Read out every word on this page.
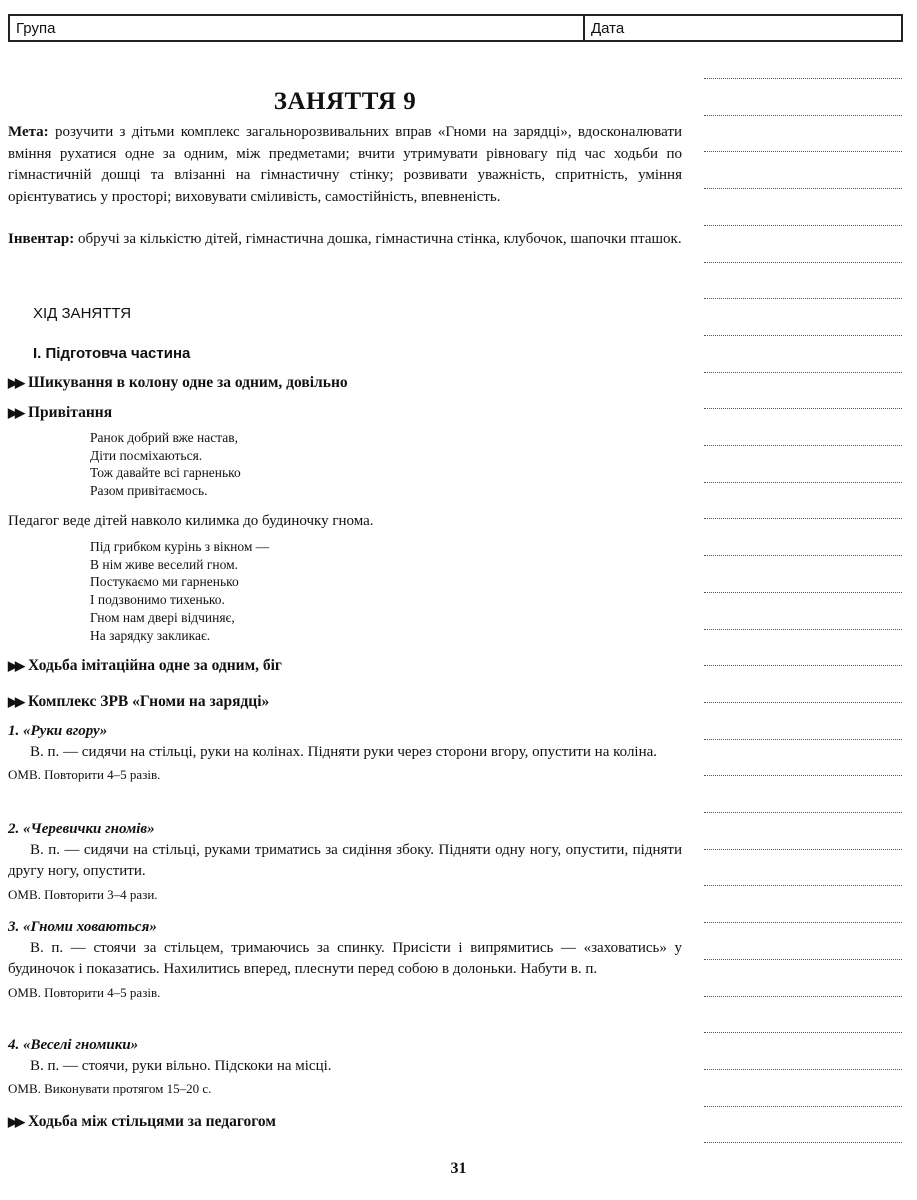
Група	Дата
ЗАНЯТТЯ 9
Мета: розучити з дітьми комплекс загальнорозвивальних вправ «Гноми на зарядці», вдосконалювати вміння рухатися одне за одним, між предметами; вчити утримувати рівновагу під час ходьби по гімнастичній дошці та влізанні на гімнастичну стінку; розвивати уважність, спритність, уміння орієнтуватись у просторі; виховувати сміливість, самостійність, впевненість.
Інвентар: обручі за кількістю дітей, гімнастична дошка, гімнастична стінка, клубочок, шапочки пташок.
ХІД ЗАНЯТТЯ
І. Підготовча частина
▶▶ Шикування в колону одне за одним, довільно
▶▶ Привітання
Ранок добрий вже настав,
Діти посміхаються.
Тож давайте всі гарненько
Разом привітаємось.
Педагог веде дітей навколо килимка до будиночку гнома.
Під грибком курінь з вікном —
В нім живе веселий гном.
Постукаємо ми гарненько
І подзвонимо тихенько.
Гном нам двері відчиняє,
На зарядку закликає.
▶▶ Ходьба імітаційна одне за одним, біг
▶▶ Комплекс ЗРВ «Гноми на зарядці»
1. «Руки вгору»
В. п. — сидячи на стільці, руки на колінах. Підняти руки через сторони вгору, опустити на коліна.
ОМВ. Повторити 4–5 разів.
2. «Черевички гномів»
В. п. — сидячи на стільці, руками триматись за сидіння збоку. Підняти одну ногу, опустити, підняти другу ногу, опустити.
ОМВ. Повторити 3–4 рази.
3. «Гноми ховаються»
В. п. — стоячи за стільцем, тримаючись за спинку. Присісти і випрямитись — «заховатись» у будиночок і показатись. Нахилитись вперед, плеснути перед собою в долоньки. Набути в. п.
ОМВ. Повторити 4–5 разів.
4. «Веселі гномики»
В. п. — стоячи, руки вільно. Підскоки на місці.
ОМВ. Виконувати протягом 15–20 с.
▶▶ Ходьба між стільцями за педагогом
31
